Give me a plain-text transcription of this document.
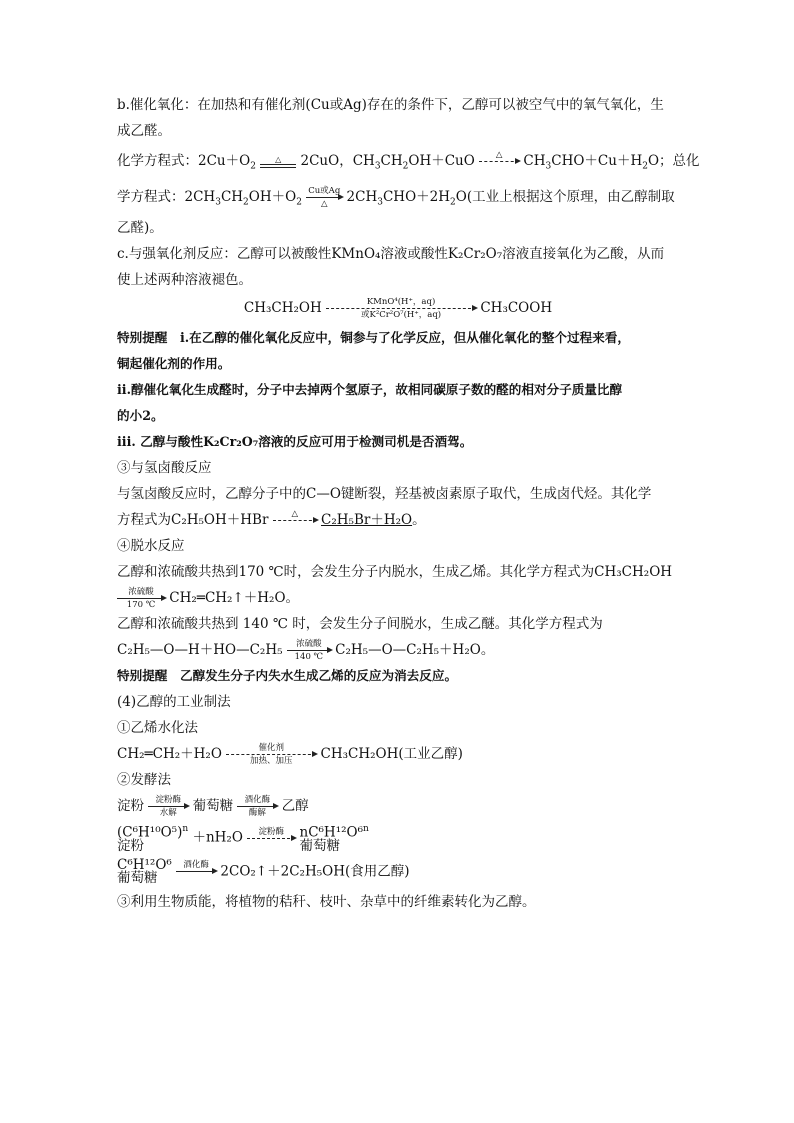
b.催化氧化：在加热和有催化剂(Cu或Ag)存在的条件下，乙醇可以被空气中的氧气氧化，生

成乙醛。

化学方程式：$2Cu+O_2$
△	2CuO，$CH_3CH_2OH+CuO$	△
	$CH_3CHO+Cu+H_2O$；总化
学方程式：$2CH_3CH_2OH+O_2$
Cu或Ag
△	$2CH_3CHO+2H_2O$(工业上根据这个原理，由乙醇制取

乙醛)。

c.与强氧化剂反应：乙醇可以被酸性KMnO₄溶液或酸性K₂Cr₂O₇溶液直接氧化为乙酸，从而

使上述两种溶液褪色。

CH₃CH₂OH	KMnO⁴(H⁺，aq)
或K²Cr²O⁷(H⁺，aq)	CH₃COOH

特别提醒　i.在乙醇的催化氧化反应中，铜参与了化学反应，但从催化氧化的整个过程来看，

铜起催化剂的作用。

ii.醇催化氧化生成醛时，分子中去掉两个氢原子，故相同碳原子数的醛的相对分子质量比醇

的小2。

iii. 乙醇与酸性K₂Cr₂O₇溶液的反应可用于检测司机是否酒驾。

③与氢卤酸反应

与氢卤酸反应时，乙醇分子中的C—O键断裂，羟基被卤素原子取代，生成卤代烃。其化学

方程式为C₂H₅OH＋HBr	△
	C₂H₅Br＋H₂O。

④脱水反应

乙醇和浓硫酸共热到170 ℃时，会发生分子内脱水，生成乙烯。其化学方程式为CH₃CH₂OH

浓硫酸
170 ℃	CH₂═CH₂↑＋H₂O。

乙醇和浓硫酸共热到 140 ℃ 时，会发生分子间脱水，生成乙醚。其化学方程式为

C₂H₅—O—H＋HO—C₂H₅	浓硫酸
140 ℃ C₂H₅—O—C₂H₅＋H₂O。

特别提醒　乙醇发生分子内失水生成乙烯的反应为消去反应。

(4)乙醇的工业制法

①乙烯水化法

CH₂═CH₂＋H₂O	催化剂
加热、加压	CH₃CH₂OH(工业乙醇)

②发酵法

淀粉	淀粉酶
水解	葡萄糖	酒化酶
酶解	乙醇
$(C^6H^{10}O^5)^n$
淀粉 ＋nH₂O	淀粉酶
	nC⁶H¹²O⁶$^n$
葡萄糖
C⁶H¹²O⁶
葡萄糖
酒化酶
2CO₂↑＋2C₂H₅OH(食用乙醇)

③利用生物质能，将植物的秸秆、枝叶、杂草中的纤维素转化为乙醇。
